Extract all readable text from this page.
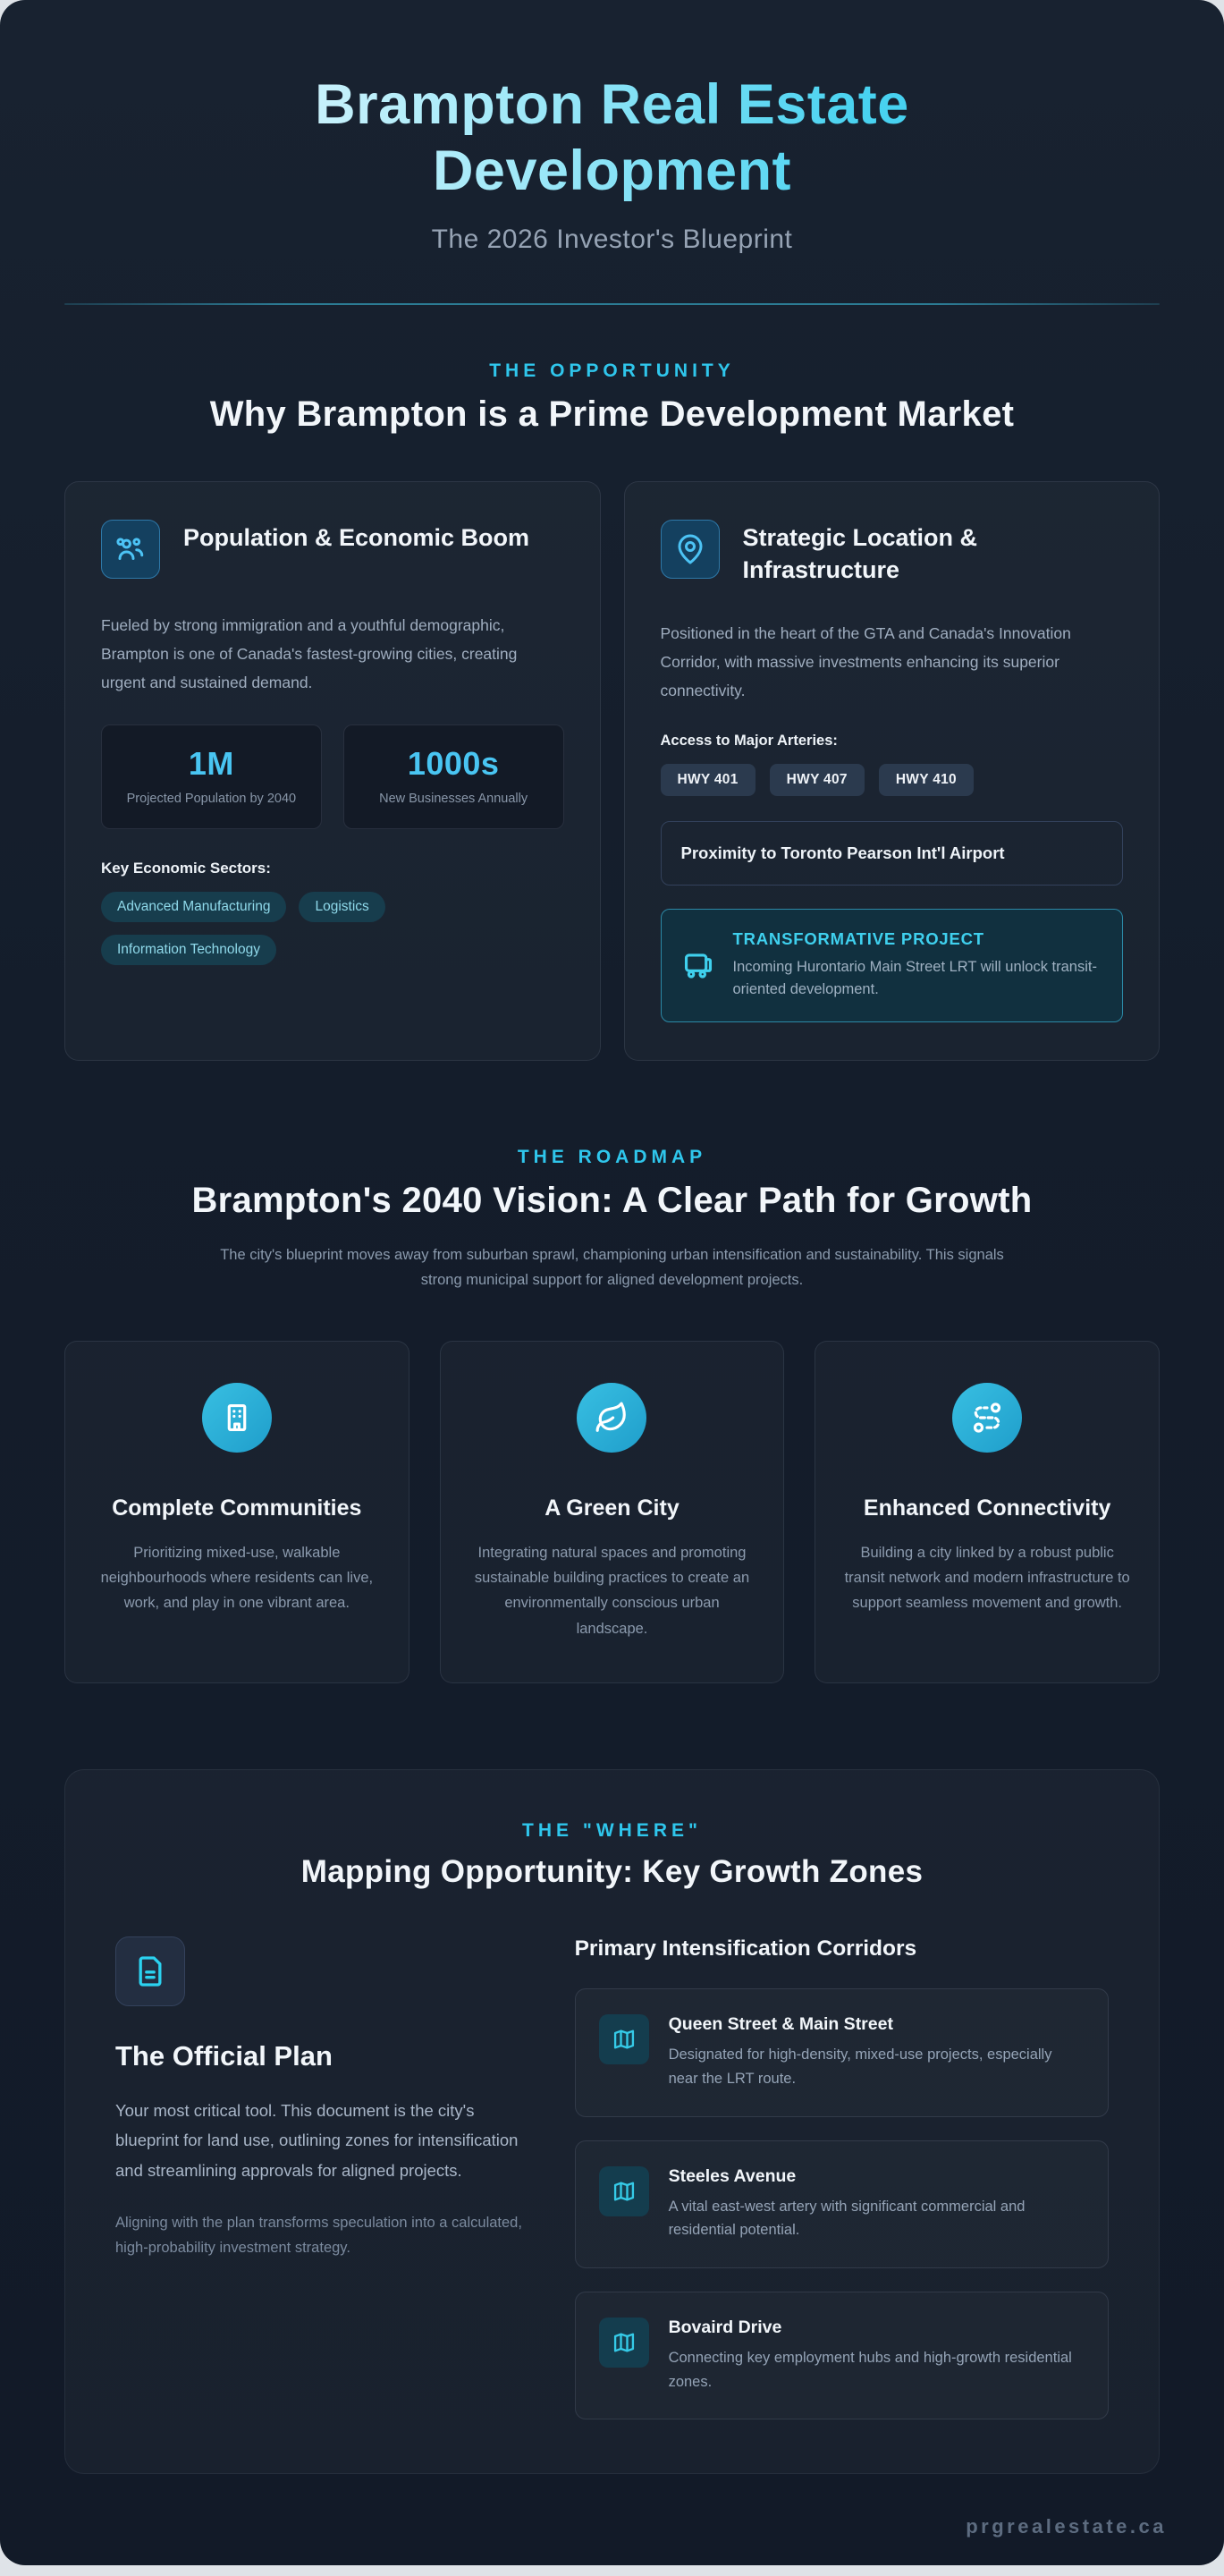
Brampton Real Estate Development
The 2026 Investor's Blueprint
THE OPPORTUNITY
Why Brampton is a Prime Development Market
Population & Economic Boom

Fueled by strong immigration and a youthful demographic, Brampton is one of Canada's fastest-growing cities, creating urgent and sustained demand.

1M
Projected Population by 2040
1000s
New Businesses Annually
Key Economic Sectors:
Advanced Manufacturing	Logistics
Information Technology
Strategic Location & Infrastructure

Positioned in the heart of the GTA and Canada's Innovation Corridor, with massive investments enhancing its superior connectivity.

Access to Major Arteries:
HWY 401	HWY 407	HWY 410
Proximity to Toronto Pearson Int'l Airport
TRANSFORMATIVE PROJECT
Incoming Hurontario Main Street LRT will unlock transit-oriented development.
THE ROADMAP
Brampton's 2040 Vision: A Clear Path for Growth

The city's blueprint moves away from suburban sprawl, championing urban intensification and sustainability. This signals strong municipal support for aligned development projects.

Complete Communities

Prioritizing mixed-use, walkable neighbourhoods where residents can live, work, and play in one vibrant area.

A Green City

Integrating natural spaces and promoting sustainable building practices to create an environmentally conscious urban landscape.

Enhanced Connectivity

Building a city linked by a robust public transit network and modern infrastructure to support seamless movement and growth.

THE "WHERE"
Mapping Opportunity: Key Growth Zones
The Official Plan

Your most critical tool. This document is the city's blueprint for land use, outlining zones for intensification and streamlining approvals for aligned projects.

Aligning with the plan transforms speculation into a calculated, high-probability investment strategy.

Primary Intensification Corridors
Queen Street & Main Street

Designated for high-density, mixed-use projects, especially near the LRT route.

Steeles Avenue

A vital east-west artery with significant commercial and residential potential.

Bovaird Drive

Connecting key employment hubs and high-growth residential zones.

prgrealestate.ca
